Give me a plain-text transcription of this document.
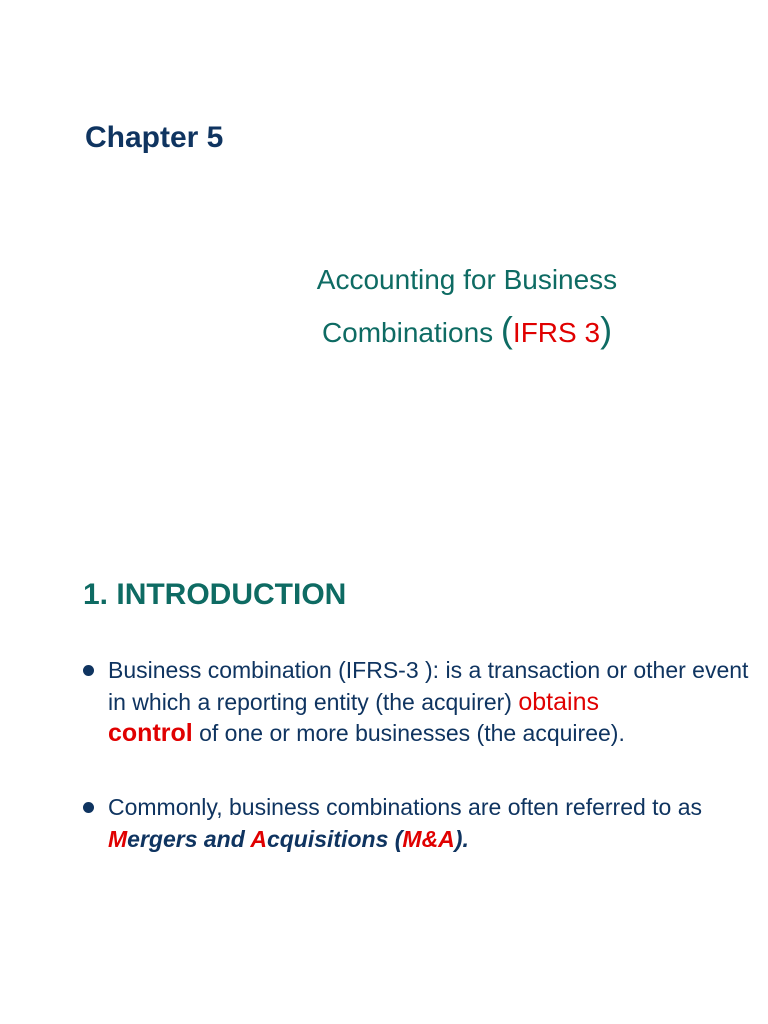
Chapter 5
Accounting for Business
Combinations (IFRS 3)
1. INTRODUCTION
Business combination (IFRS-3 ): is a transaction or other event in which a reporting entity (the acquirer) obtains
control of one or more businesses (the acquiree).
Commonly, business combinations are often referred to as Mergers and Acquisitions (M&A).
